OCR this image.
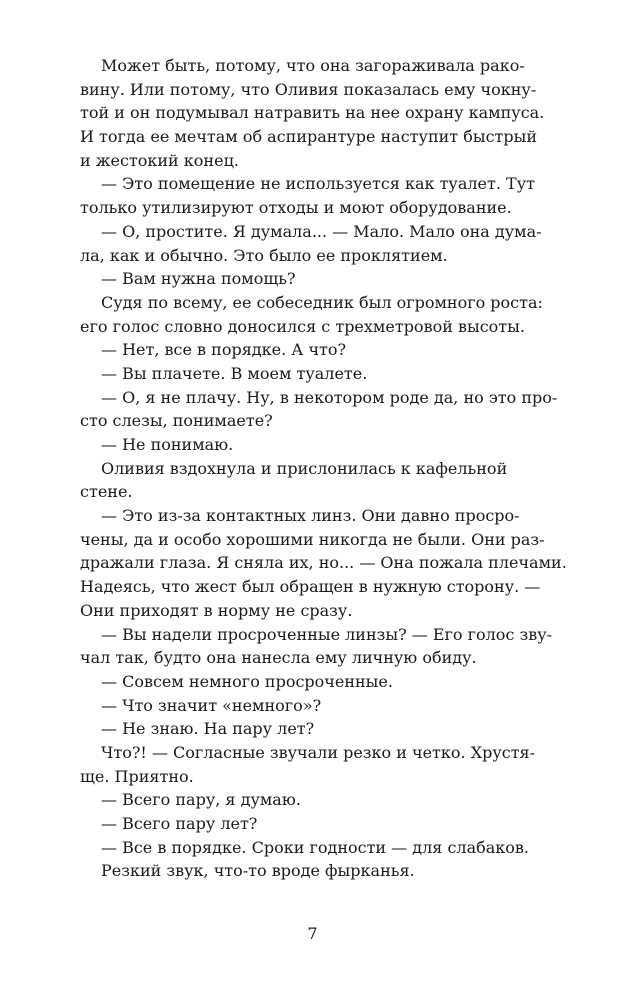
Может быть, потому, что она загораживала рако-
вину. Или потому, что Оливия показалась ему чокну-
той и он подумывал натравить на нее охрану кампуса.
И тогда ее мечтам об аспирантуре наступит быстрый
и жестокий конец.
— Это помещение не используется как туалет. Тут
только утилизируют отходы и моют оборудование.
— О, простите. Я думала... — Мало. Мало она дума-
ла, как и обычно. Это было ее проклятием.
— Вам нужна помощь?
Судя по всему, ее собеседник был огромного роста:
его голос словно доносился с трехметровой высоты.
— Нет, все в порядке. А что?
— Вы плачете. В моем туалете.
— О, я не плачу. Ну, в некотором роде да, но это про-
сто слезы, понимаете?
— Не понимаю.
Оливия вздохнула и прислонилась к кафельной
стене.
— Это из-за контактных линз. Они давно просро-
чены, да и особо хорошими никогда не были. Они раз-
дражали глаза. Я сняла их, но... — Она пожала плечами.
Надеясь, что жест был обращен в нужную сторону. —
Они приходят в норму не сразу.
— Вы надели просроченные линзы? — Его голос зву-
чал так, будто она нанесла ему личную обиду.
— Совсем немного просроченные.
— Что значит «немного»?
— Не знаю. На пару лет?
Что?! — Согласные звучали резко и четко. Хрустя-
ще. Приятно.
— Всего пару, я думаю.
— Всего пару лет?
— Все в порядке. Сроки годности — для слабаков.
Резкий звук, что-то вроде фырканья.
7
